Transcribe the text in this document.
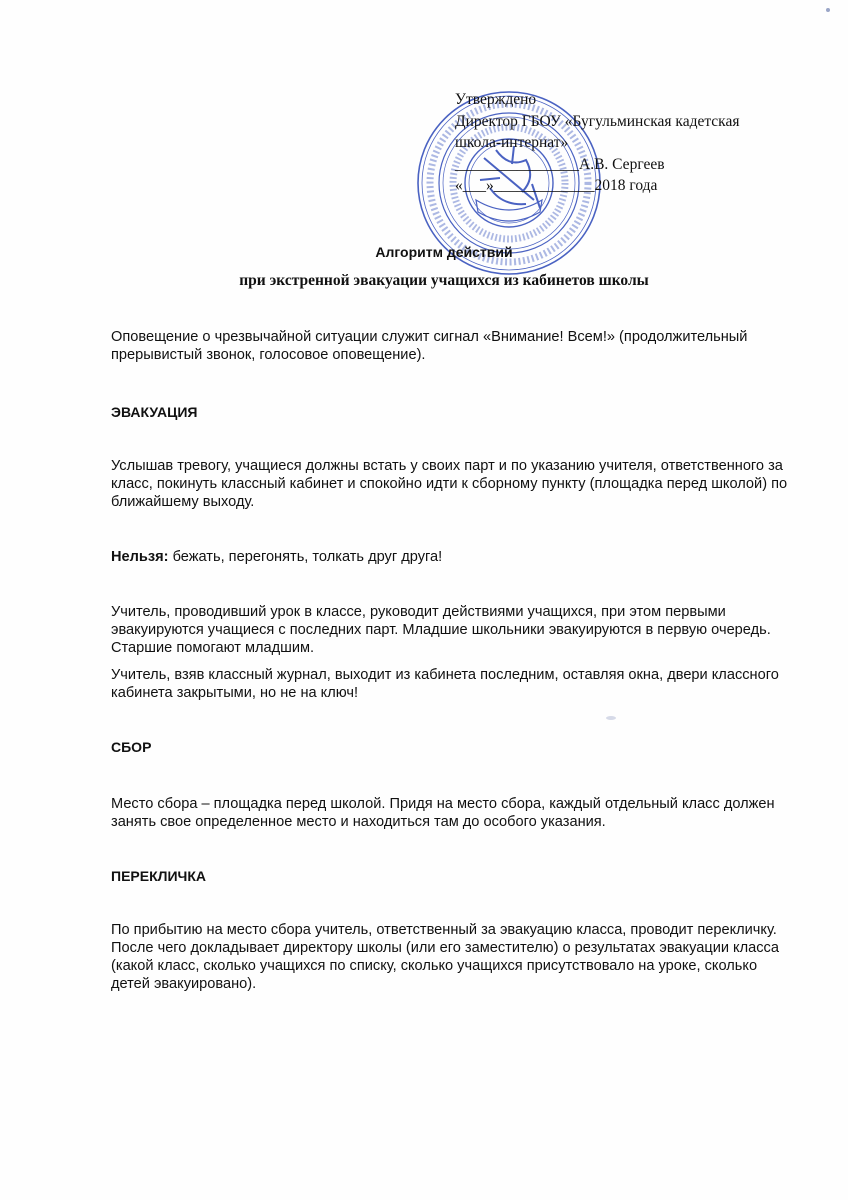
Утверждено
Директор ГБОУ «Бугульминская кадетская
школа-интернат»
________________А.В. Сергеев
«___»_____________2018 года
Алгоритм действий
при экстренной эвакуации учащихся из кабинетов школы

Оповещение о чрезвычайной ситуации служит сигнал «Внимание! Всем!» (продолжительный прерывистый звонок, голосовое оповещение).

ЭВАКУАЦИЯ

Услышав тревогу, учащиеся должны встать у своих парт и по указанию учителя, ответственного за класс, покинуть классный кабинет и спокойно идти к сборному пункту (площадка перед школой) по ближайшему выходу.

Нельзя: бежать, перегонять, толкать друг друга!

Учитель, проводивший урок в классе, руководит действиями учащихся, при этом первыми эвакуируются учащиеся с последних парт. Младшие школьники эвакуируются в первую очередь. Старшие помогают младшим.

Учитель, взяв классный журнал, выходит из кабинета последним, оставляя окна, двери классного кабинета закрытыми, но не на ключ!

СБОР

Место сбора – площадка перед школой. Придя на место сбора, каждый отдельный класс должен занять свое определенное место и находиться там до особого указания.

ПЕРЕКЛИЧКА

По прибытию на место сбора учитель, ответственный за эвакуацию класса, проводит перекличку. После чего докладывает директору школы (или его заместителю) о результатах эвакуации класса (какой класс, сколько учащихся по списку, сколько учащихся присутствовало на уроке, сколько детей эвакуировано).
